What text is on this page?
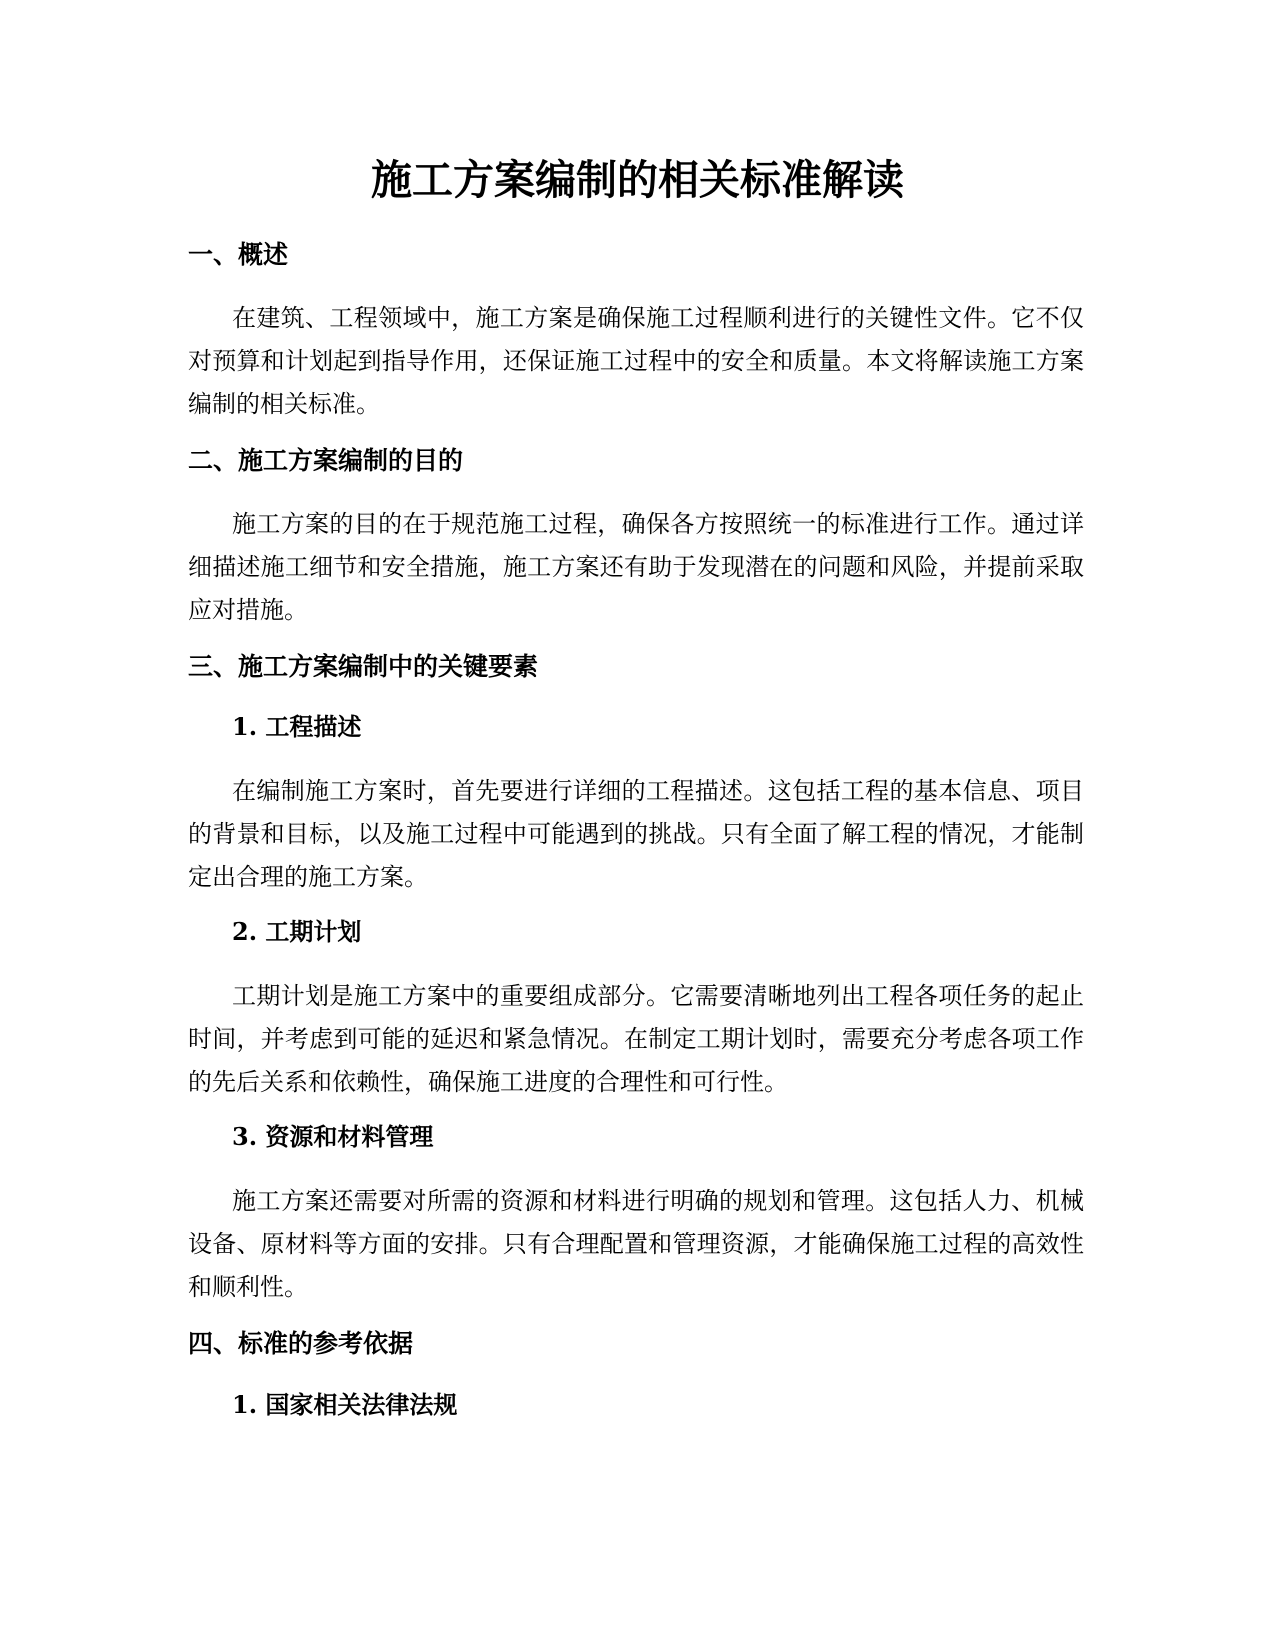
施工方案编制的相关标准解读
一、概述

在建筑、工程领域中，施工方案是确保施工过程顺利进行的关键性文件。它不仅对预算和计划起到指导作用，还保证施工过程中的安全和质量。本文将解读施工方案编制的相关标准。

二、施工方案编制的目的

施工方案的目的在于规范施工过程，确保各方按照统一的标准进行工作。通过详细描述施工细节和安全措施，施工方案还有助于发现潜在的问题和风险，并提前采取应对措施。

三、施工方案编制中的关键要素
1. 工程描述

在编制施工方案时，首先要进行详细的工程描述。这包括工程的基本信息、项目的背景和目标，以及施工过程中可能遇到的挑战。只有全面了解工程的情况，才能制定出合理的施工方案。

2. 工期计划

工期计划是施工方案中的重要组成部分。它需要清晰地列出工程各项任务的起止时间，并考虑到可能的延迟和紧急情况。在制定工期计划时，需要充分考虑各项工作的先后关系和依赖性，确保施工进度的合理性和可行性。

3. 资源和材料管理

施工方案还需要对所需的资源和材料进行明确的规划和管理。这包括人力、机械设备、原材料等方面的安排。只有合理配置和管理资源，才能确保施工过程的高效性和顺利性。

四、标准的参考依据
1. 国家相关法律法规
